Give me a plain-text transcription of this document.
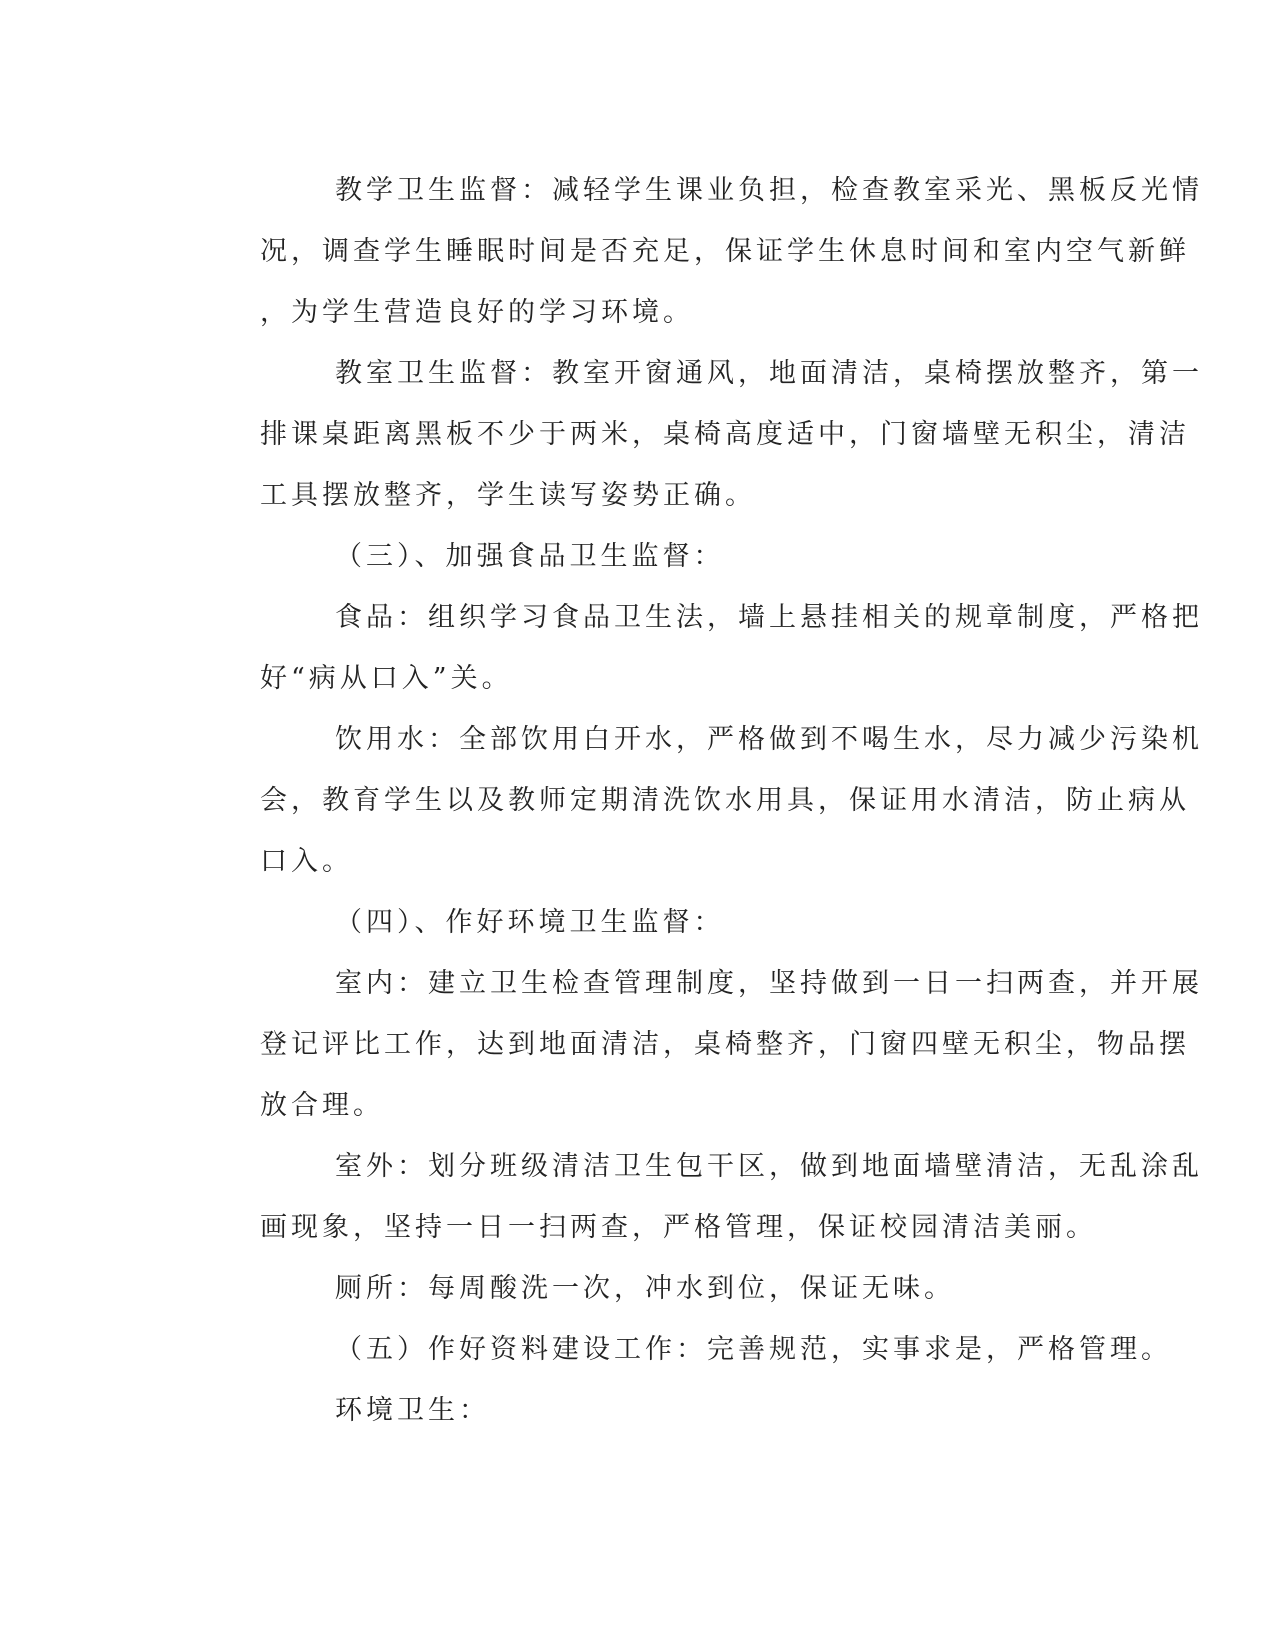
教学卫生监督：减轻学生课业负担，检查教室采光、黑板反光情
况，调查学生睡眠时间是否充足，保证学生休息时间和室内空气新鲜
，为学生营造良好的学习环境。

教室卫生监督：教室开窗通风，地面清洁，桌椅摆放整齐，第一
排课桌距离黑板不少于两米，桌椅高度适中，门窗墙壁无积尘，清洁
工具摆放整齐，学生读写姿势正确。

（三）、加强食品卫生监督：

食品：组织学习食品卫生法，墙上悬挂相关的规章制度，严格把
好“病从口入”关。

饮用水：全部饮用白开水，严格做到不喝生水，尽力减少污染机
会，教育学生以及教师定期清洗饮水用具，保证用水清洁，防止病从
口入。

（四）、作好环境卫生监督：

室内：建立卫生检查管理制度，坚持做到一日一扫两查，并开展
登记评比工作，达到地面清洁，桌椅整齐，门窗四壁无积尘，物品摆
放合理。

室外：划分班级清洁卫生包干区，做到地面墙壁清洁，无乱涂乱
画现象，坚持一日一扫两查，严格管理，保证校园清洁美丽。

厕所：每周酸洗一次，冲水到位，保证无味。

（五）作好资料建设工作：完善规范，实事求是，严格管理。

环境卫生：
